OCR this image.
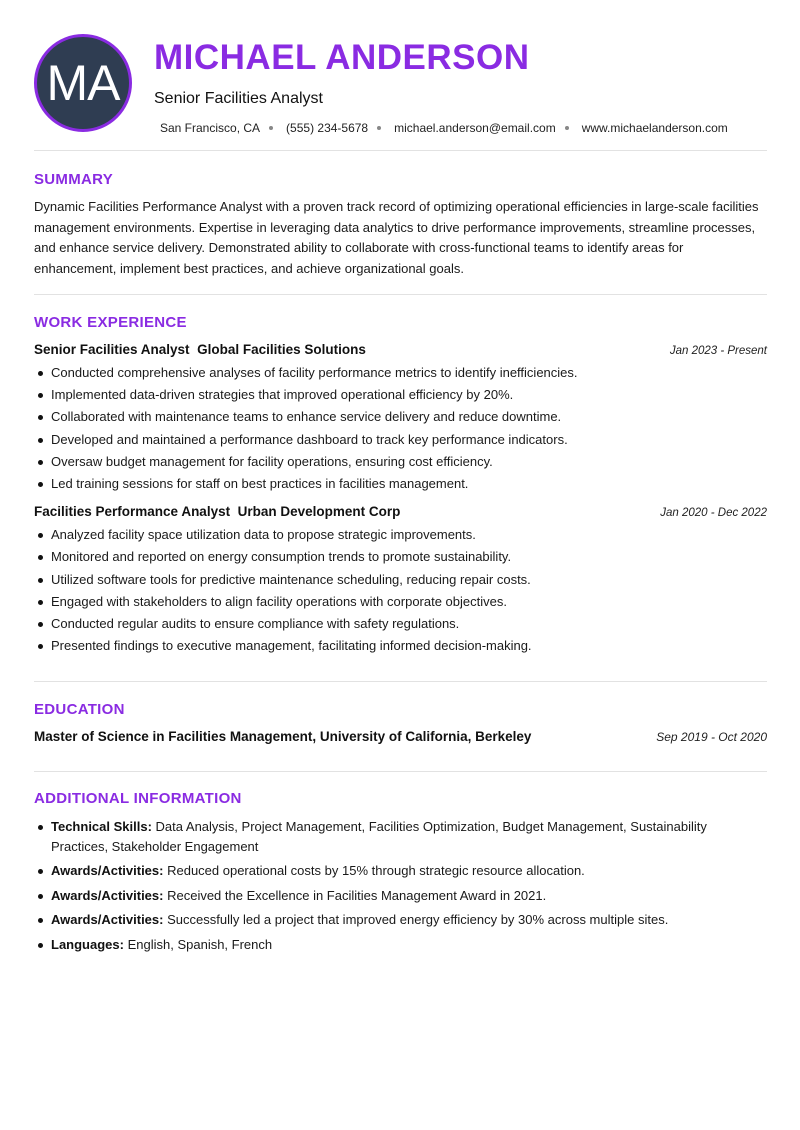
MA MICHAEL ANDERSON
Senior Facilities Analyst
San Francisco, CA (555) 234-5678 michael.anderson@email.com www.michaelanderson.com
SUMMARY

Dynamic Facilities Performance Analyst with a proven track record of optimizing operational efficiencies in large-scale facilities management environments. Expertise in leveraging data analytics to drive performance improvements, streamline processes, and enhance service delivery. Demonstrated ability to collaborate with cross-functional teams to identify areas for enhancement, implement best practices, and achieve organizational goals.

WORK EXPERIENCE
Senior Facilities Analyst Global Facilities Solutions	Jan 2023 - Present
Conducted comprehensive analyses of facility performance metrics to identify inefficiencies.
Implemented data-driven strategies that improved operational efficiency by 20%.
Collaborated with maintenance teams to enhance service delivery and reduce downtime.
Developed and maintained a performance dashboard to track key performance indicators.
Oversaw budget management for facility operations, ensuring cost efficiency.
Led training sessions for staff on best practices in facilities management.
Facilities Performance Analyst Urban Development Corp	Jan 2020 - Dec 2022
Analyzed facility space utilization data to propose strategic improvements.
Monitored and reported on energy consumption trends to promote sustainability.
Utilized software tools for predictive maintenance scheduling, reducing repair costs.
Engaged with stakeholders to align facility operations with corporate objectives.
Conducted regular audits to ensure compliance with safety regulations.
Presented findings to executive management, facilitating informed decision-making.
EDUCATION
Master of Science in Facilities Management, University of California, Berkeley	Sep 2019 - Oct 2020
ADDITIONAL INFORMATION
Technical Skills: Data Analysis, Project Management, Facilities Optimization, Budget Management, Sustainability Practices, Stakeholder Engagement
Awards/Activities: Reduced operational costs by 15% through strategic resource allocation.
Awards/Activities: Received the Excellence in Facilities Management Award in 2021.
Awards/Activities: Successfully led a project that improved energy efficiency by 30% across multiple sites.
Languages: English, Spanish, French
